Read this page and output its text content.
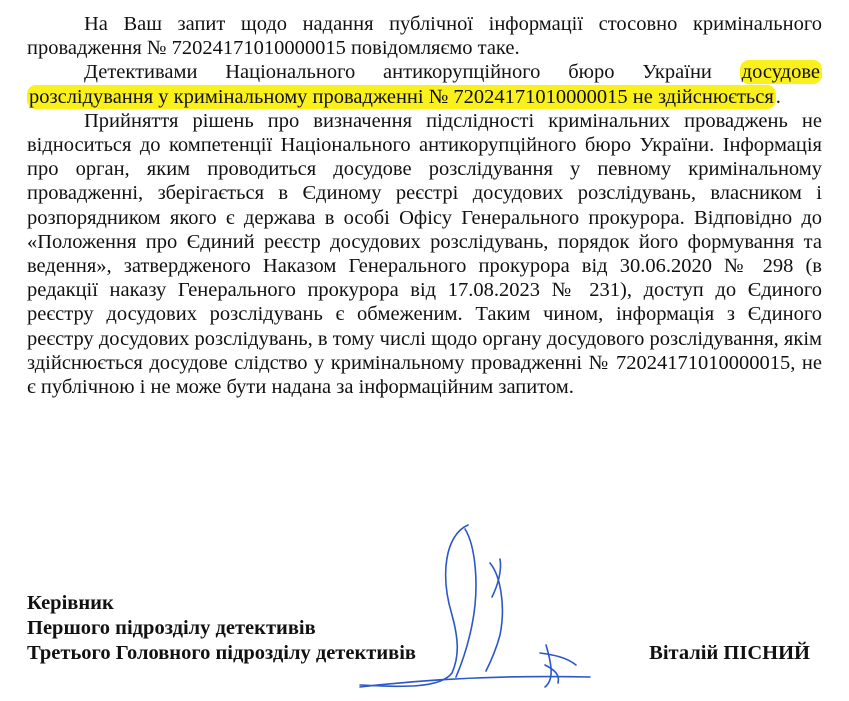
На Ваш запит щодо надання публічної інформації стосовно кримінального провадження № 72024171010000015 повідомляємо таке.

Детективами Національного антикорупційного бюро України досудове розслідування у кримінальному провадженні № 72024171010000015 не здійснюється.

Прийняття рішень про визначення підслідності кримінальних проваджень не відноситься до компетенції Національного антикорупційного бюро України. Інформація про орган, яким проводиться досудове розслідування у певному кримінальному провадженні, зберігається в Єдиному реєстрі досудових розслідувань, власником і розпорядником якого є держава в особі Офісу Генерального прокурора. Відповідно до «Положення про Єдиний реєстр досудових розслідувань, порядок його формування та ведення», затвердженого Наказом Генерального прокурора від 30.06.2020 № 298 (в редакції наказу Генерального прокурора від 17.08.2023 № 231), доступ до Єдиного реєстру досудових розслідувань є обмеженим. Таким чином, інформація з Єдиного реєстру досудових розслідувань, в тому числі щодо органу досудового розслідування, якім здійснюється досудове слідство у кримінальному провадженні № 72024171010000015, не є публічною і не може бути надана за інформаційним запитом.

Керівник
Першого підрозділу детективів
Третього Головного підрозділу детективів	Віталій ПІСНИЙ
